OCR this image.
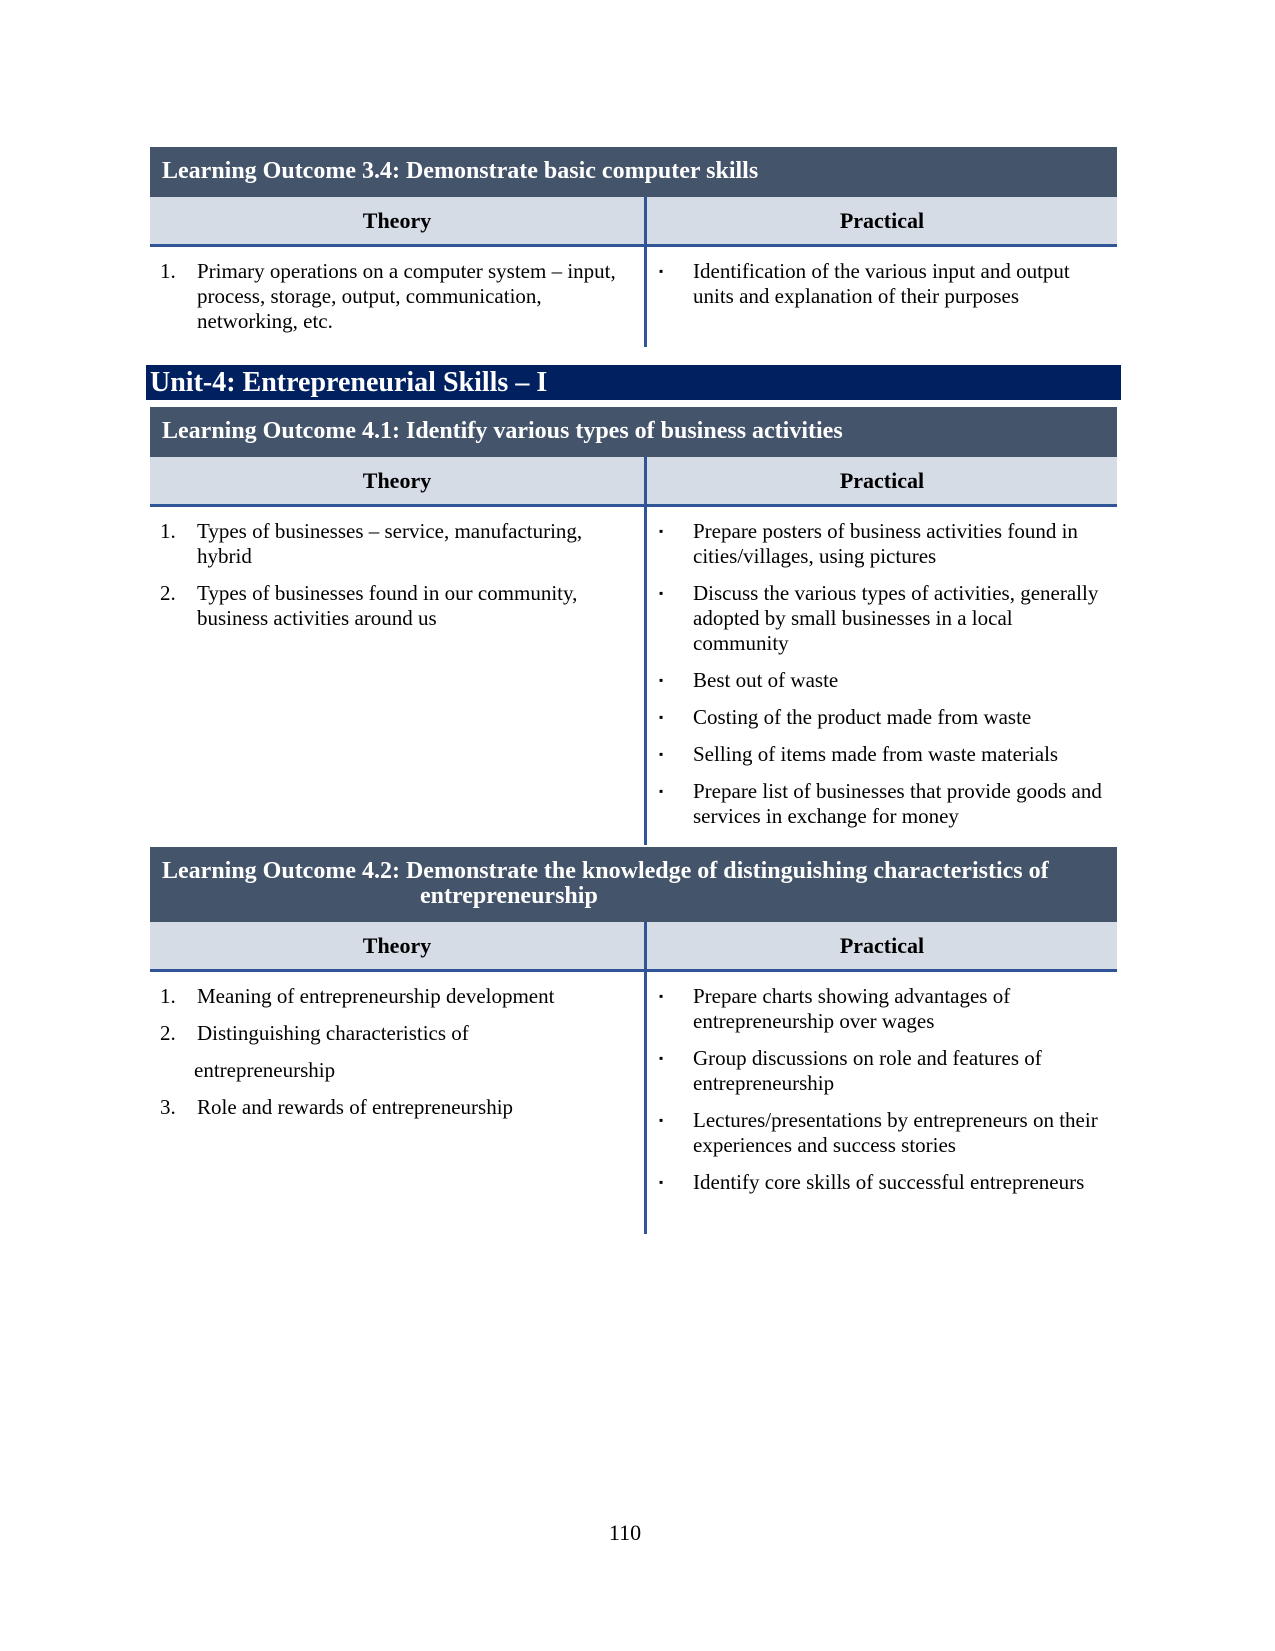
Learning Outcome 3.4: Demonstrate basic computer skills
Theory	Practical
1.	Primary operations on a computer system – input, process, storage, output, communication, networking, etc.
▪	Identification of the various input and output units and explanation of their purposes
Unit-4: Entrepreneurial Skills – I
Learning Outcome 4.1: Identify various types of business activities
Theory	Practical
1.	Types of businesses – service, manufacturing, hybrid
2.	Types of businesses found in our community, business activities around us
▪	Prepare posters of business activities found in cities/villages, using pictures
▪	Discuss the various types of activities, generally adopted by small businesses in a local community
▪	Best out of waste
▪	Costing of the product made from waste
▪	Selling of items made from waste materials
▪	Prepare list of businesses that provide goods and services in exchange for money
Learning Outcome 4.2: Demonstrate the knowledge of distinguishing characteristics of
entrepreneurship
Theory	Practical
1.	Meaning of entrepreneurship development
2.	Distinguishing characteristics of
entrepreneurship
3.	Role and rewards of entrepreneurship
▪	Prepare charts showing advantages of entrepreneurship over wages
▪	Group discussions on role and features of entrepreneurship
▪	Lectures/presentations by entrepreneurs on their experiences and success stories
▪	Identify core skills of successful entrepreneurs
110
